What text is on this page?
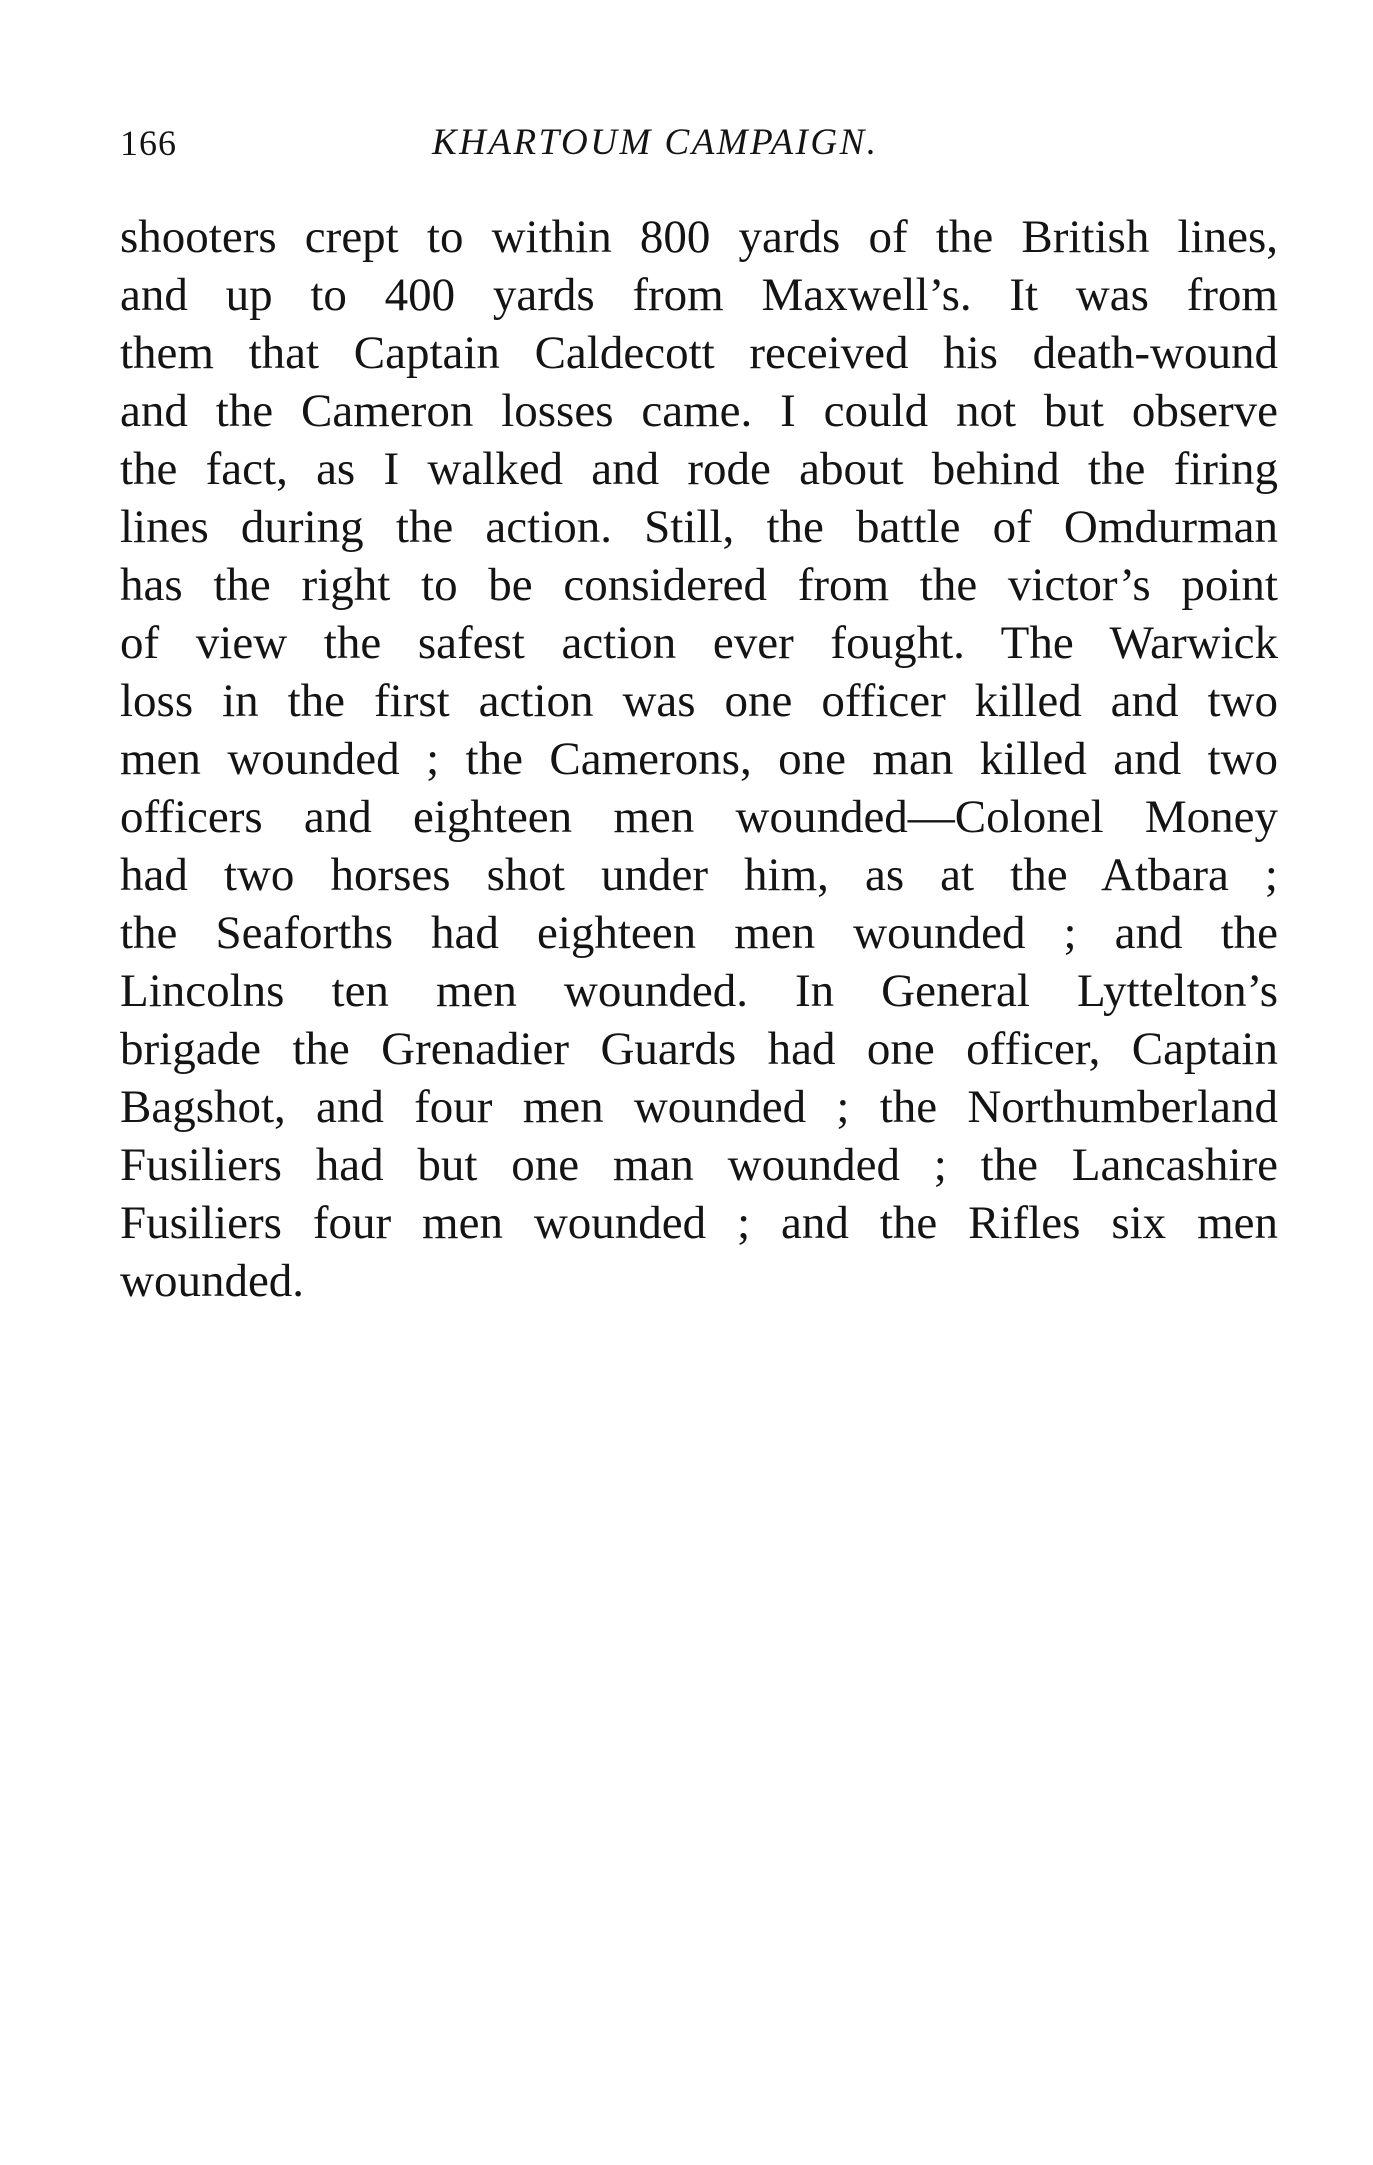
166	KHARTOUM CAMPAIGN.
shooters crept to within 800 yards of the British lines,
and up to 400 yards from Maxwell’s. It was from
them that Captain Caldecott received his death-wound
and the Cameron losses came. I could not but observe
the fact, as I walked and rode about behind the firing
lines during the action. Still, the battle of Omdurman
has the right to be considered from the victor’s point
of view the safest action ever fought. The Warwick
loss in the first action was one officer killed and two
men wounded ; the Camerons, one man killed and two
officers and eighteen men wounded—Colonel Money
had two horses shot under him, as at the Atbara ;
the Seaforths had eighteen men wounded ; and the
Lincolns ten men wounded. In General Lyttelton’s
brigade the Grenadier Guards had one officer, Captain
Bagshot, and four men wounded ; the Northumberland
Fusiliers had but one man wounded ; the Lancashire
Fusiliers four men wounded ; and the Rifles six men
wounded.
